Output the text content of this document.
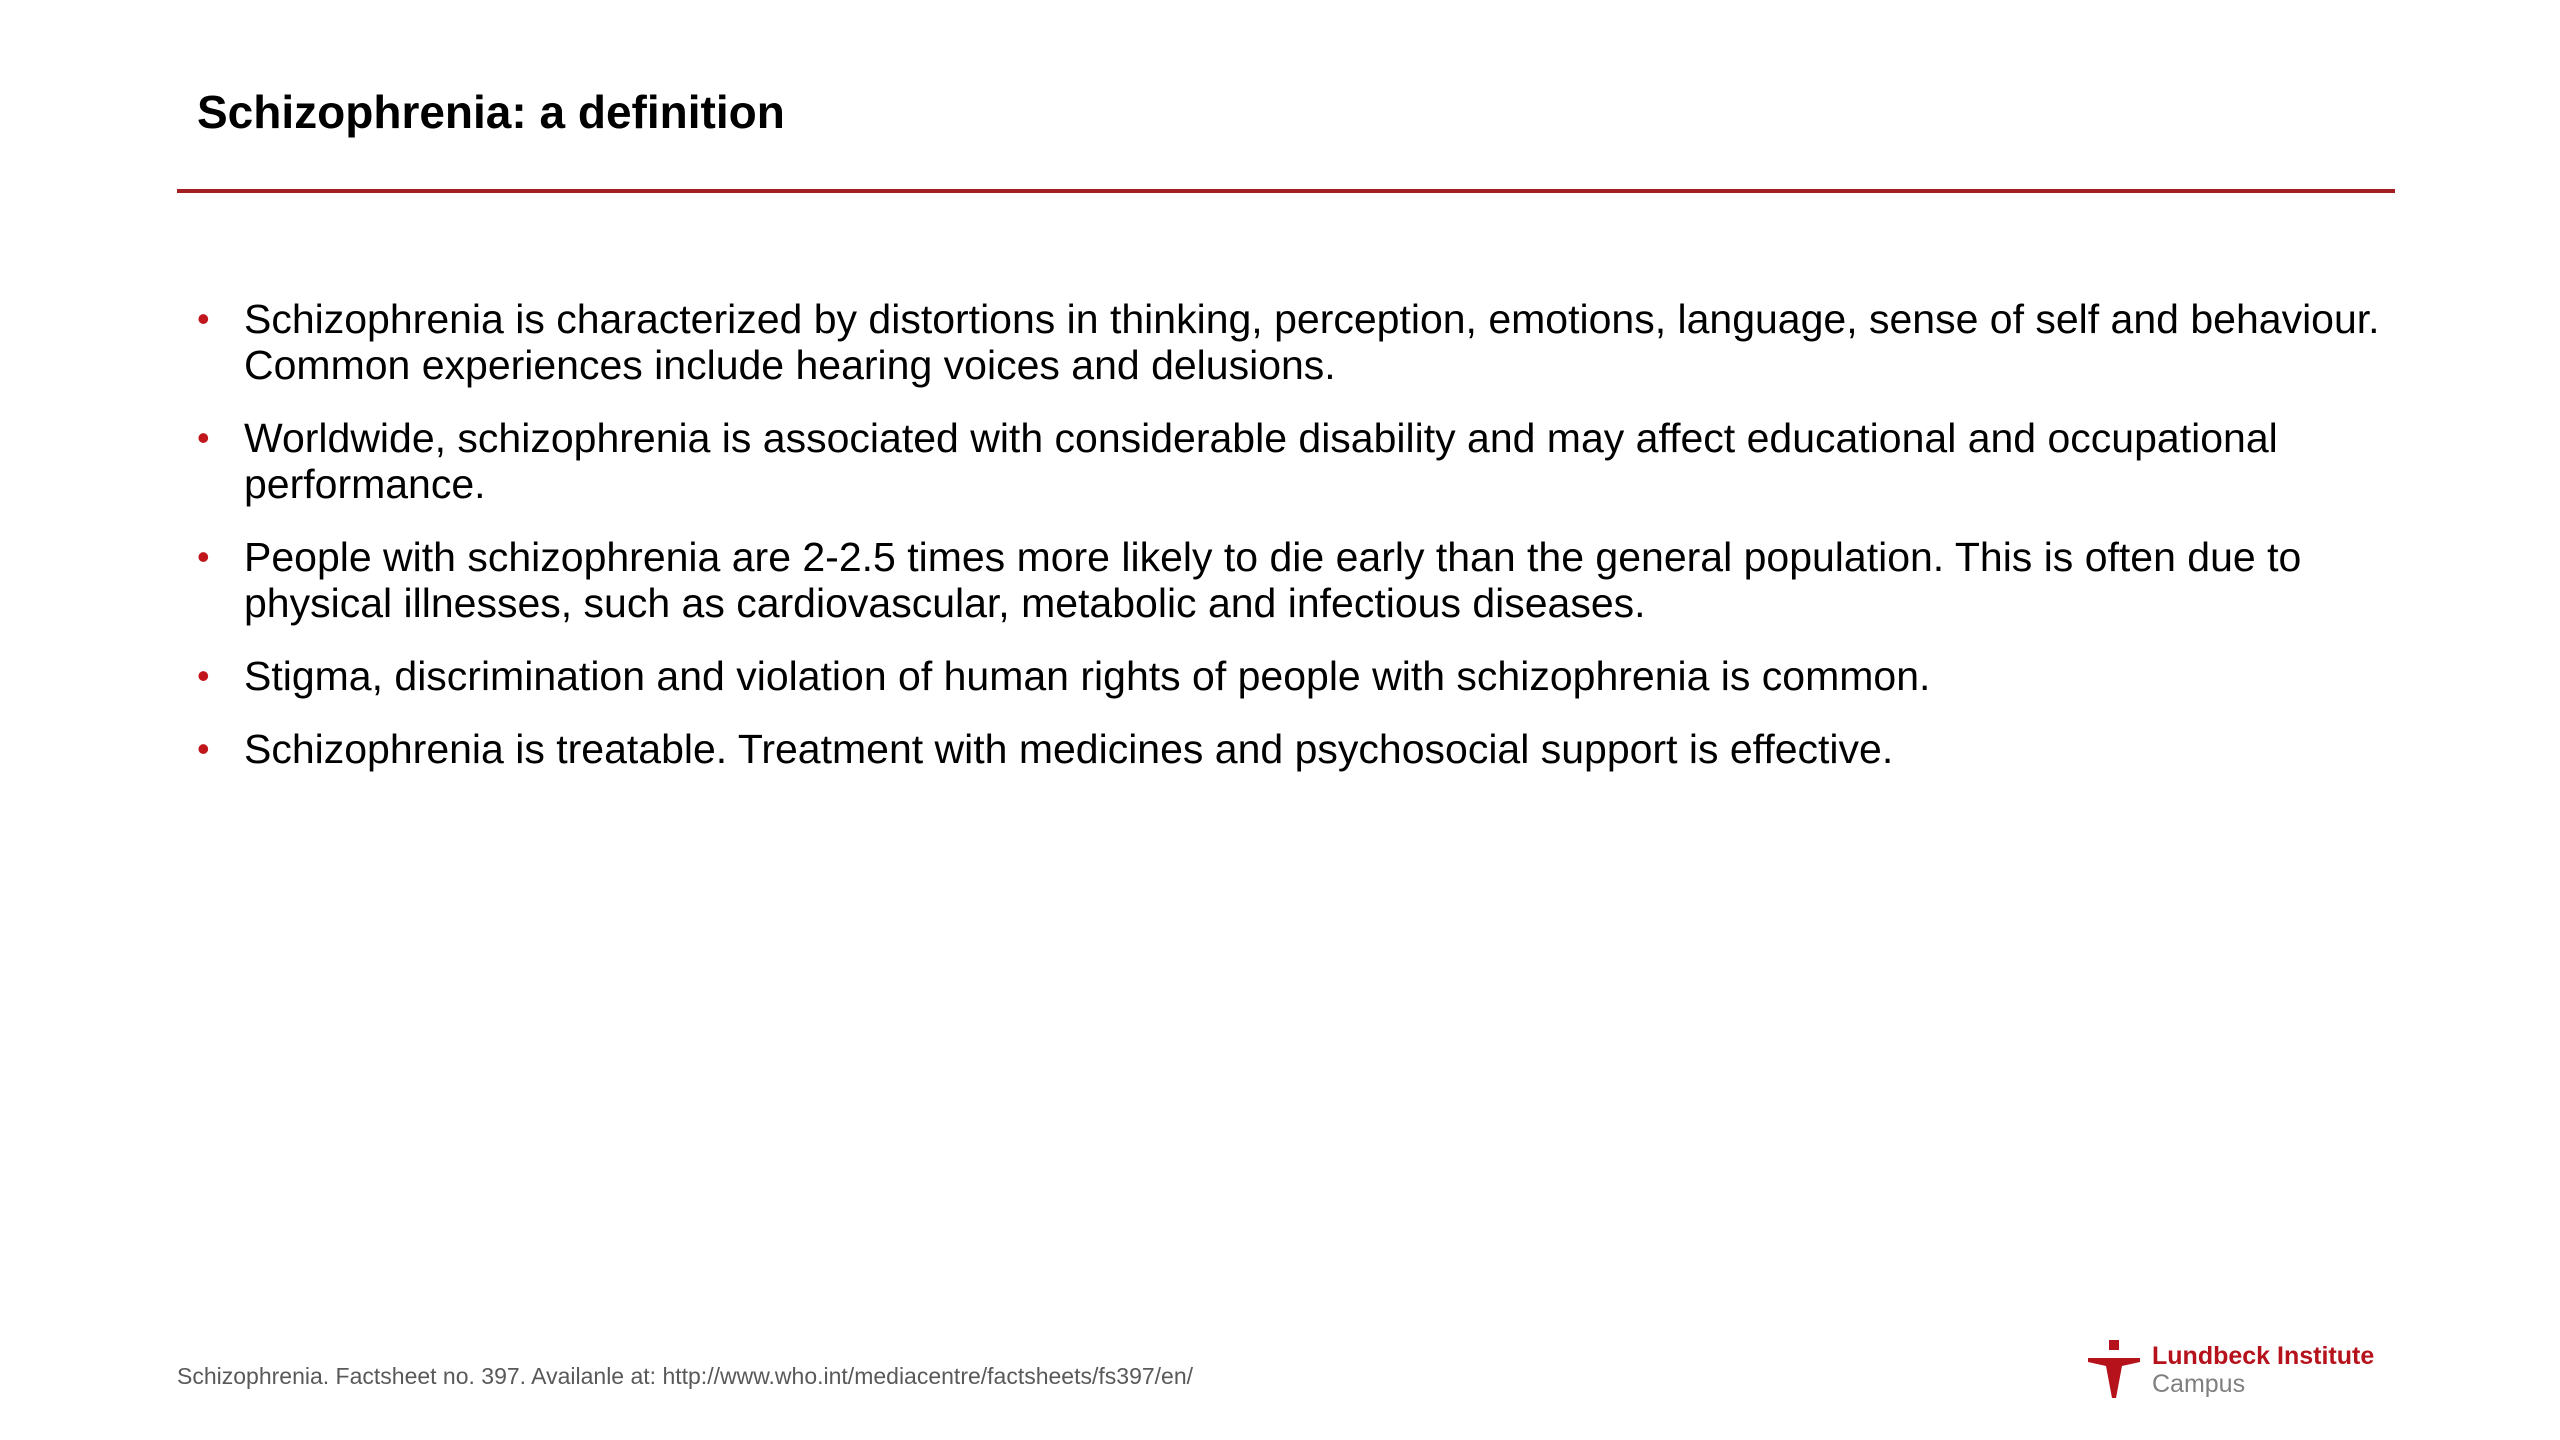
Schizophrenia: a definition
• Schizophrenia is characterized by distortions in thinking, perception, emotions, language, sense of self and behaviour. Common experiences include hearing voices and delusions.
• Worldwide, schizophrenia is associated with considerable disability and may affect educational and occupational performance.
• People with schizophrenia are 2-2.5 times more likely to die early than the general population. This is often due to physical illnesses, such as cardiovascular, metabolic and infectious diseases.
• Stigma, discrimination and violation of human rights of people with schizophrenia is common.
• Schizophrenia is treatable. Treatment with medicines and psychosocial support is effective.
Schizophrenia. Factsheet no. 397. Availanle at: http://www.who.int/mediacentre/factsheets/fs397/en/
Lundbeck Institute
Campus
